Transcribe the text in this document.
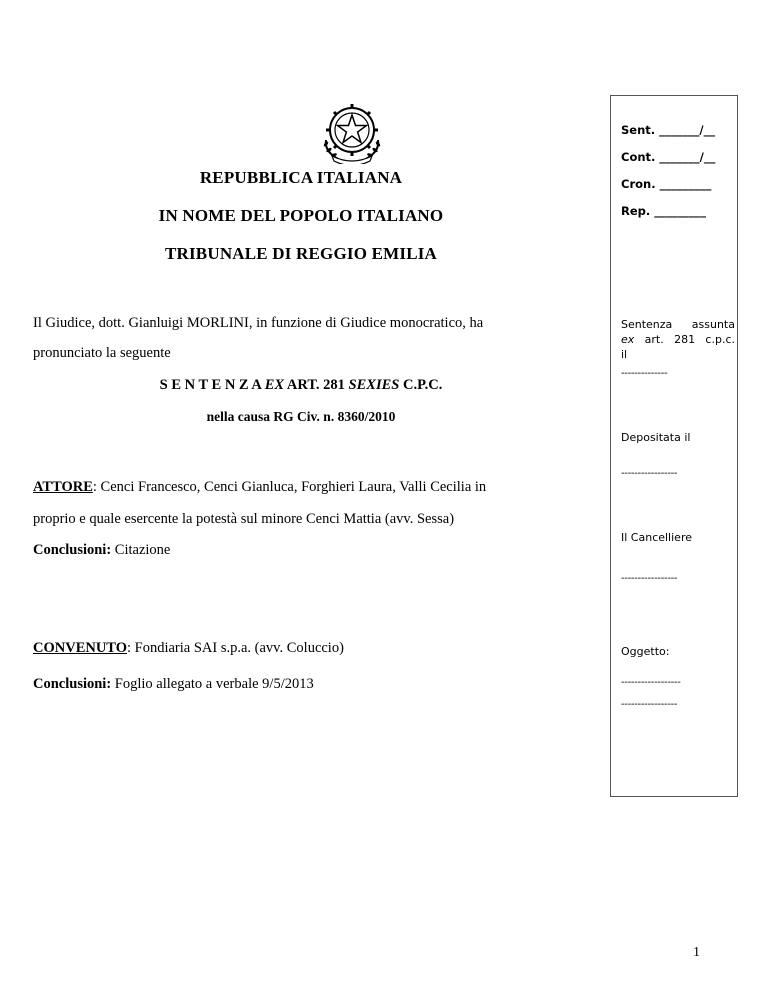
REPUBBLICA ITALIANA
IN NOME DEL POPOLO ITALIANO
TRIBUNALE DI REGGIO EMILIA
Il Giudice, dott. Gianluigi MORLINI, in funzione di Giudice monocratico, ha
pronunciato la seguente
S E N T E N Z A EX ART. 281 SEXIES C.P.C.
nella causa RG Civ. n. 8360/2010
ATTORE: Cenci Francesco, Cenci Gianluca, Forghieri Laura, Valli Cecilia in
proprio e quale esercente la potestà sul minore Cenci Mattia (avv. Sessa)
Conclusioni: Citazione
CONVENUTO: Fondiaria SAI s.p.a. (avv. Coluccio)
Conclusioni: Foglio allegato a verbale 9/5/2013
Sent. _______/__
Cont. _______/__
Cron. _________
Rep. _________
Sentenza assunta
ex art. 281 c.p.c.
il
--------------
Depositata il
-----------------
Il Cancelliere
-----------------
Oggetto:
------------------
-----------------
1
